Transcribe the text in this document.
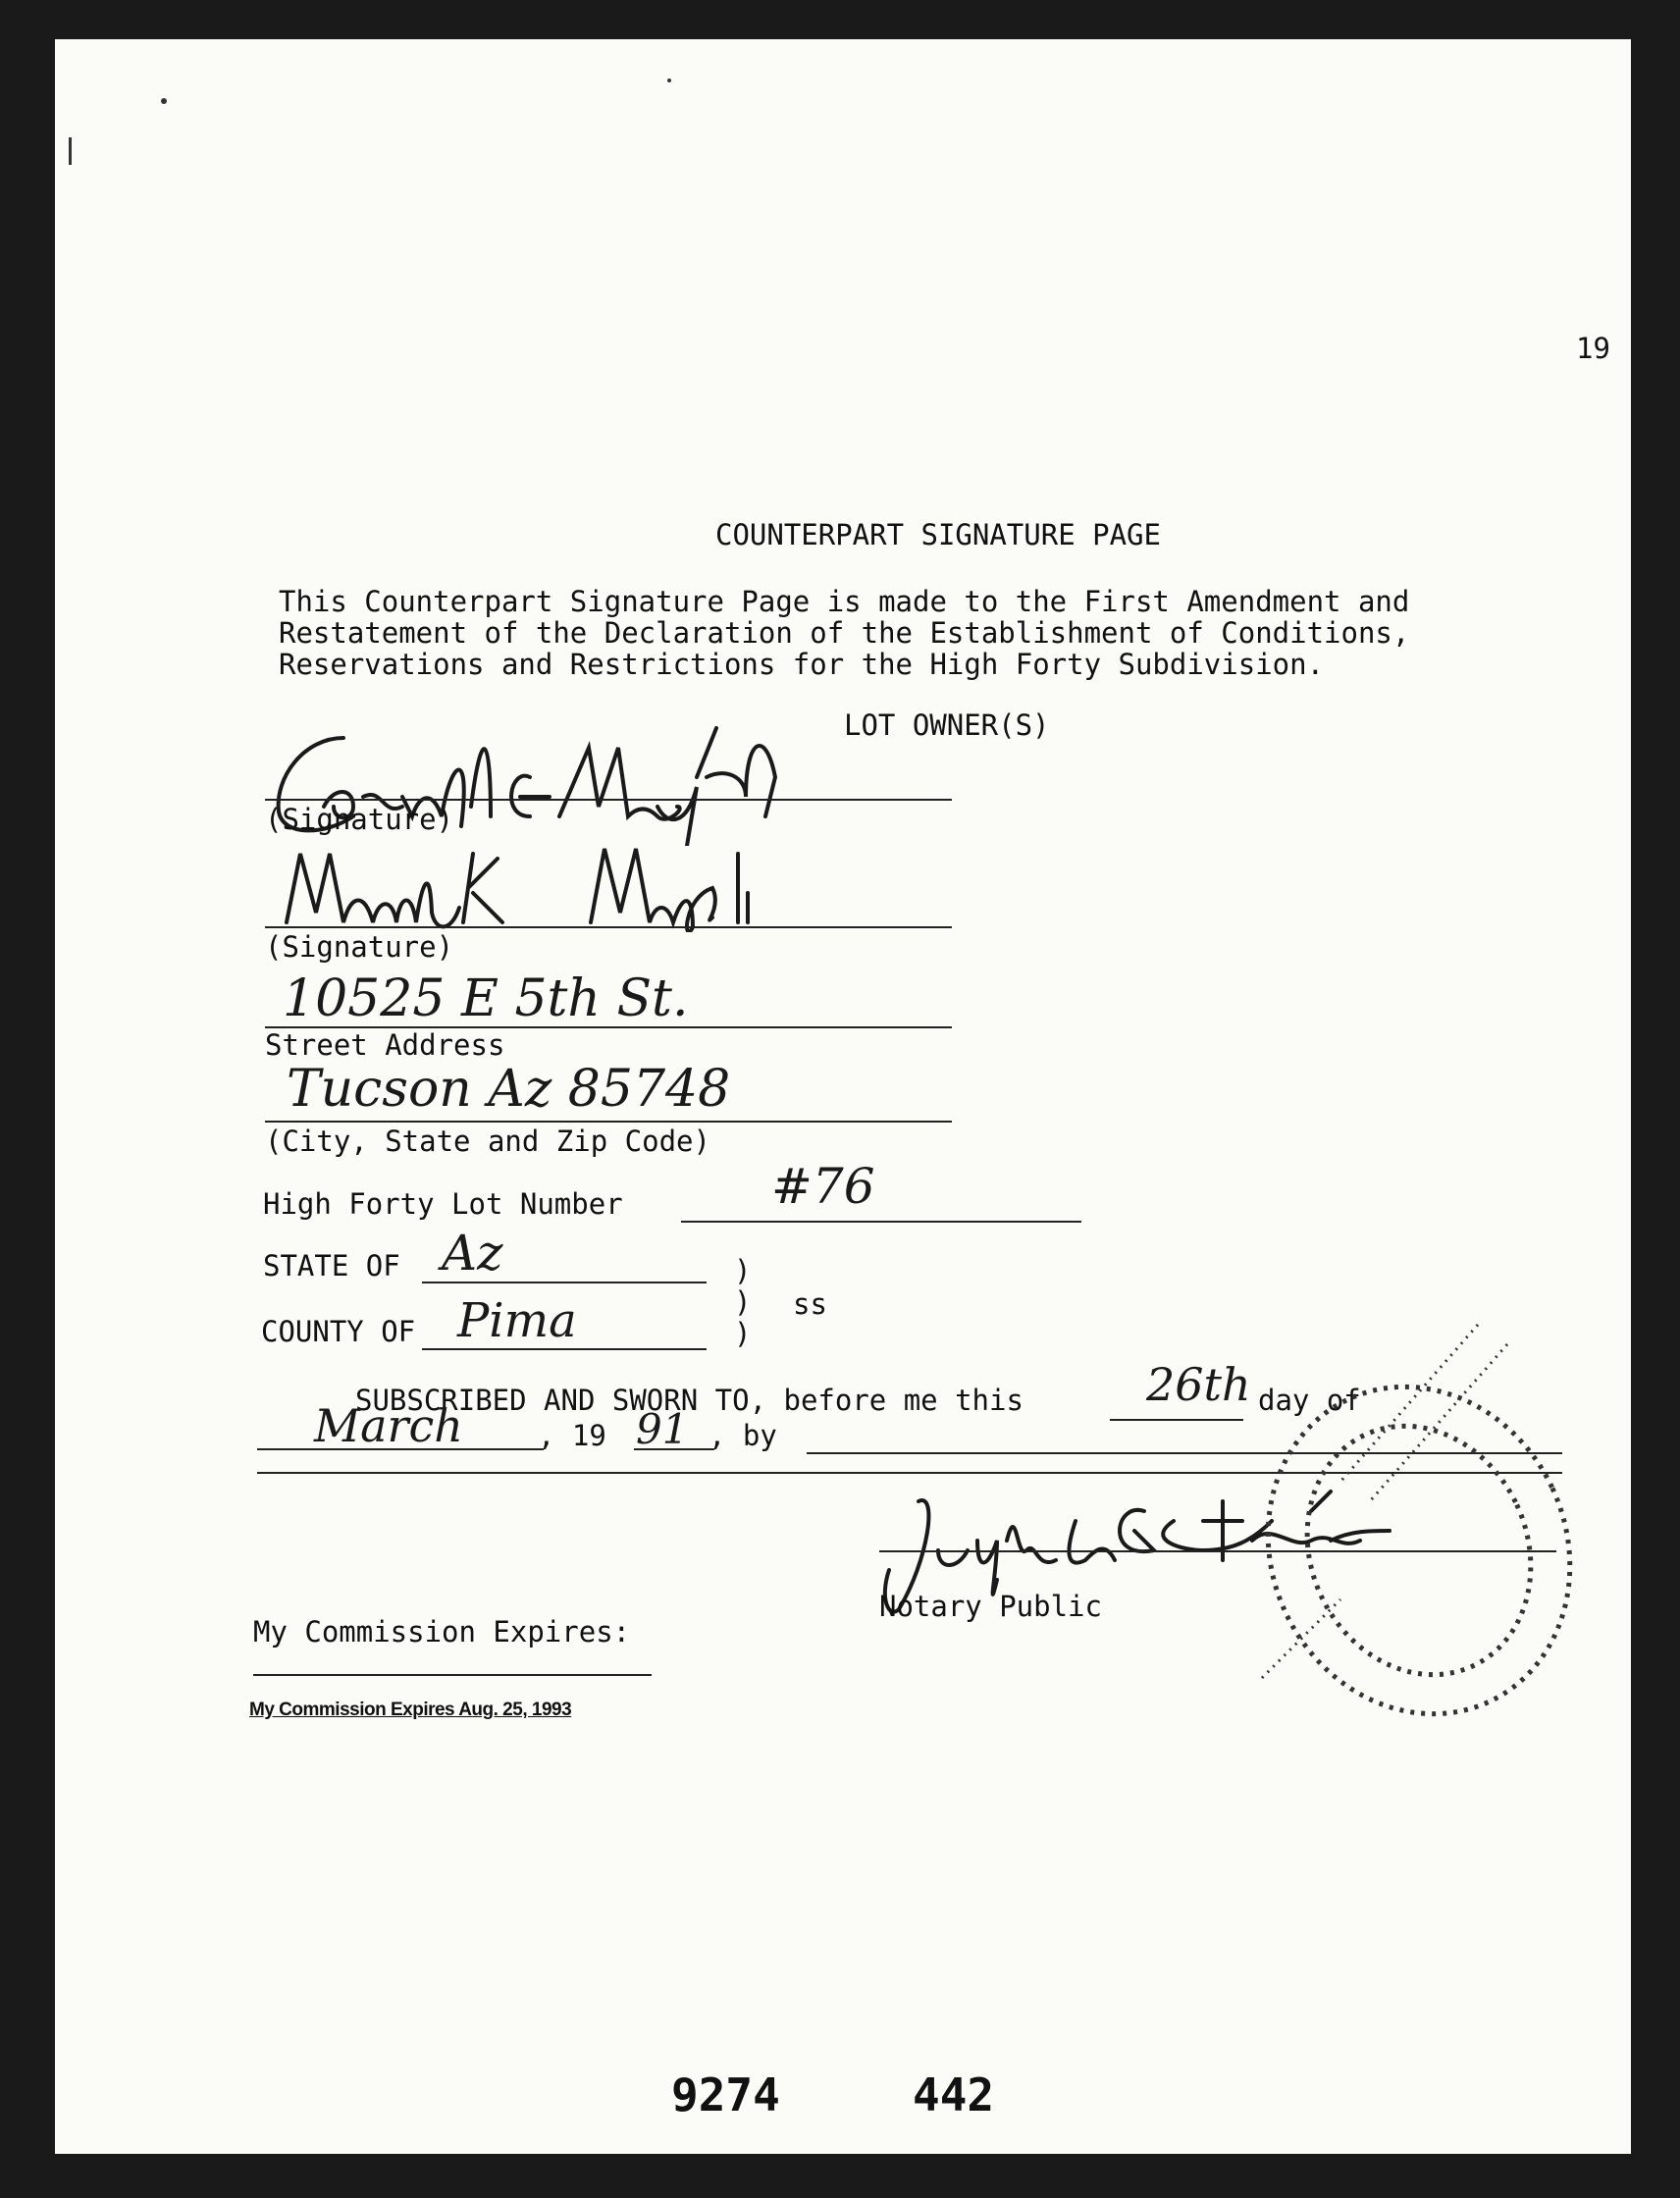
19
COUNTERPART SIGNATURE PAGE
This Counterpart Signature Page is made to the First Amendment and
Restatement of the Declaration of the Establishment of Conditions,
Reservations and Restrictions for the High Forty Subdivision.
LOT OWNER(S)
(Signature)
(Signature)
10525 E 5th St.
Street Address
Tucson Az 85748
(City, State and Zip Code)
High Forty Lot Number	#76
STATE OF Az
COUNTY OF Pima
)
)
)
ss
SUBSCRIBED AND SWORN TO, before me this	26th day of
March	, 19 91 , by
Notary Public
My Commission Expires:
My Commission Expires Aug. 25, 1993
9274	442
